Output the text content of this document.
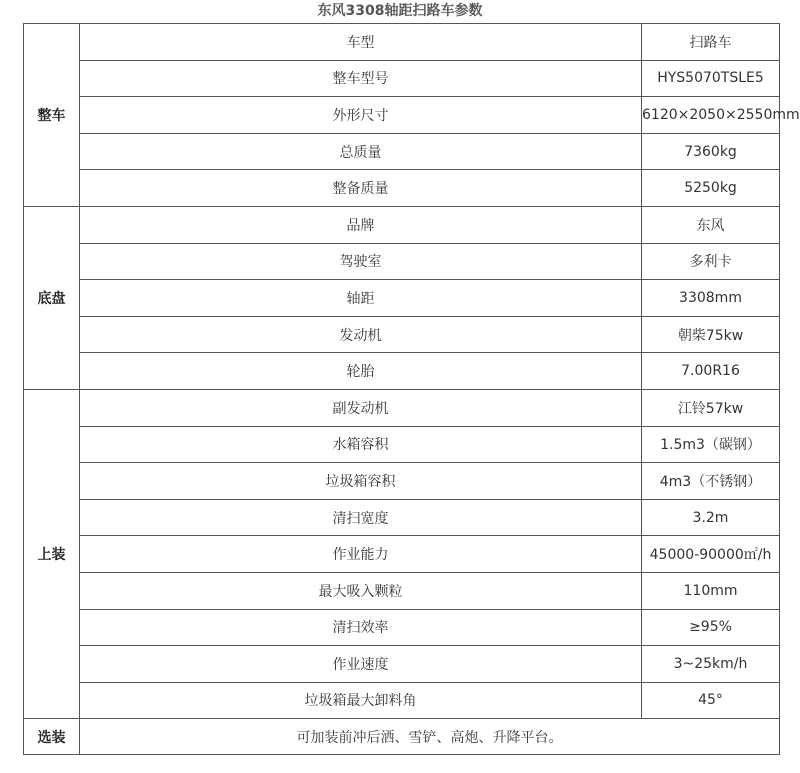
东风3308轴距扫路车参数
整车	车型	扫路车
	整车型号	HYS5070TSLE5
	外形尺寸	6120×2050×2550mm
	总质量	7360kg
	整备质量	5250kg
底盘	品牌	东风
	驾驶室	多利卡
	轴距	3308mm
	发动机	朝柴75kw
	轮胎	7.00R16
上装	副发动机	江铃57kw
	水箱容积	1.5m3（碳钢）
	垃圾箱容积	4m3（不锈钢）
	清扫宽度	3.2m
	作业能力	45000-90000㎡/h
	最大吸入颗粒	110mm
	清扫效率	≥95%
	作业速度	3~25km/h
	垃圾箱最大卸料角	45°
选装	可加装前冲后洒、雪铲、高炮、升降平台。	
